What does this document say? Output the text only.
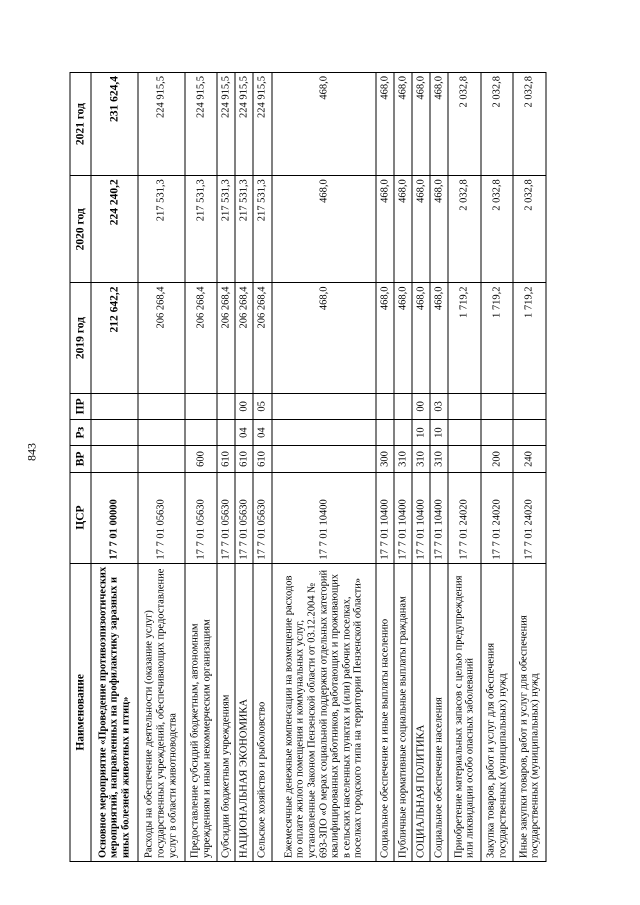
843
Наименование	ЦСР	ВР	Рз	ПР	2019 год	2020 год	2021 год
Основное мероприятие «Проведение противоэпизоотических мероприятий, направленных на профилактику заразных и иных болезней животных и птиц»	17 7 01 00000				212 642,2	224 240,2	231 624,4
Расходы на обеспечение деятельности (оказание услуг) государственных учреждений, обеспечивающих предоставление услуг в области животноводства	17 7 01 05630				206 268,4	217 531,3	224 915,5
Предоставление субсидий бюджетным, автономным учреждениям и иным некоммерческим организациям	17 7 01 05630	600			206 268,4	217 531,3	224 915,5
Субсидии бюджетным учреждениям	17 7 01 05630	610			206 268,4	217 531,3	224 915,5
НАЦИОНАЛЬНАЯ ЭКОНОМИКА	17 7 01 05630	610	04	00	206 268,4	217 531,3	224 915,5
Сельское хозяйство и рыболовство	17 7 01 05630	610	04	05	206 268,4	217 531,3	224 915,5
Ежемесячные денежные компенсации на возмещение расходов по оплате жилого помещения и коммунальных услуг, установленные Законом Пензенской области от 03.12.2004 № 693-ЗПО «О мерах социальной поддержки отдельных категорий квалифицированных работников, работающих и проживающих в сельских населенных пунктах и (или) рабочих поселках, поселках городского типа на территории Пензенской области»	17 7 01 10400				468,0	468,0	468,0
Социальное обеспечение и иные выплаты населению	17 7 01 10400	300			468,0	468,0	468,0
Публичные нормативные социальные выплаты гражданам	17 7 01 10400	310			468,0	468,0	468,0
СОЦИАЛЬНАЯ ПОЛИТИКА	17 7 01 10400	310	10	00	468,0	468,0	468,0
Социальное обеспечение населения	17 7 01 10400	310	10	03	468,0	468,0	468,0
Приобретение материальных запасов с целью предупреждения или ликвидации особо опасных заболеваний	17 7 01 24020				1 719,2	2 032,8	2 032,8
Закупка товаров, работ и услуг для обеспечения государственных (муниципальных) нужд	17 7 01 24020	200			1 719,2	2 032,8	2 032,8
Иные закупки товаров, работ и услуг для обеспечения государственных (муниципальных) нужд	17 7 01 24020	240			1 719,2	2 032,8	2 032,8
